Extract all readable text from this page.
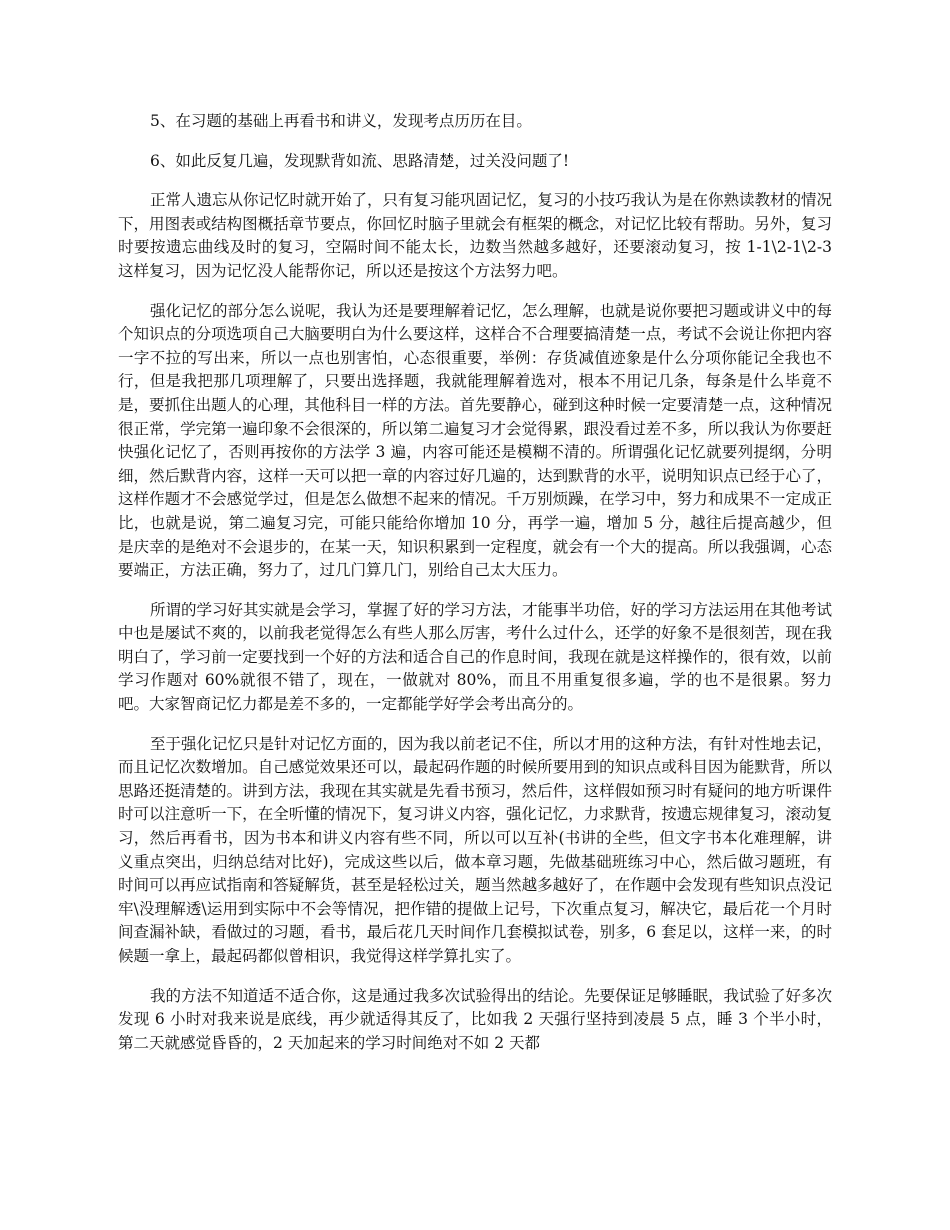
5、在习题的基础上再看书和讲义，发现考点历历在目。

6、如此反复几遍，发现默背如流、思路清楚，过关没问题了!

正常人遗忘从你记忆时就开始了，只有复习能巩固记忆，复习的小技巧我认为是在你熟读教材的情况下，用图表或结构图概括章节要点，你回忆时脑子里就会有框架的概念，对记忆比较有帮助。另外，复习时要按遗忘曲线及时的复习，空隔时间不能太长，边数当然越多越好，还要滚动复习，按 1-1\2-1\2-3 这样复习，因为记忆没人能帮你记，所以还是按这个方法努力吧。

强化记忆的部分怎么说呢，我认为还是要理解着记忆，怎么理解，也就是说你要把习题或讲义中的每个知识点的分项选项自己大脑要明白为什么要这样，这样合不合理要搞清楚一点，考试不会说让你把内容一字不拉的写出来，所以一点也别害怕，心态很重要，举例：存货减值迹象是什么分项你能记全我也不行，但是我把那几项理解了，只要出选择题，我就能理解着选对，根本不用记几条，每条是什么毕竟不是，要抓住出题人的心理，其他科目一样的方法。首先要静心，碰到这种时候一定要清楚一点，这种情况很正常，学完第一遍印象不会很深的，所以第二遍复习才会觉得累，跟没看过差不多，所以我认为你要赶快强化记忆了，否则再按你的方法学 3 遍，内容可能还是模糊不清的。所谓强化记忆就要列提纲，分明细，然后默背内容，这样一天可以把一章的内容过好几遍的，达到默背的水平，说明知识点已经于心了，这样作题才不会感觉学过，但是怎么做想不起来的情况。千万别烦躁，在学习中，努力和成果不一定成正比，也就是说，第二遍复习完，可能只能给你增加 10 分，再学一遍，增加 5 分，越往后提高越少，但是庆幸的是绝对不会退步的，在某一天，知识积累到一定程度，就会有一个大的提高。所以我强调，心态要端正，方法正确，努力了，过几门算几门，别给自己太大压力。

所谓的学习好其实就是会学习，掌握了好的学习方法，才能事半功倍，好的学习方法运用在其他考试中也是屡试不爽的，以前我老觉得怎么有些人那么厉害，考什么过什么，还学的好象不是很刻苦，现在我明白了，学习前一定要找到一个好的方法和适合自己的作息时间，我现在就是这样操作的，很有效，以前学习作题对 60%就很不错了，现在，一做就对 80%，而且不用重复很多遍，学的也不是很累。努力吧。大家智商记忆力都是差不多的，一定都能学好学会考出高分的。

至于强化记忆只是针对记忆方面的，因为我以前老记不住，所以才用的这种方法，有针对性地去记，而且记忆次数增加。自己感觉效果还可以，最起码作题的时候所要用到的知识点或科目因为能默背，所以思路还挺清楚的。讲到方法，我现在其实就是先看书预习，然后件，这样假如预习时有疑问的地方听课件时可以注意听一下，在全听懂的情况下，复习讲义内容，强化记忆，力求默背，按遗忘规律复习，滚动复习，然后再看书，因为书本和讲义内容有些不同，所以可以互补(书讲的全些，但文字书本化难理解，讲义重点突出，归纳总结对比好)，完成这些以后，做本章习题，先做基础班练习中心，然后做习题班，有时间可以再应试指南和答疑解货，甚至是轻松过关，题当然越多越好了，在作题中会发现有些知识点没记牢\没理解透\运用到实际中不会等情况，把作错的提做上记号，下次重点复习，解决它，最后花一个月时间查漏补缺，看做过的习题，看书，最后花几天时间作几套模拟试卷，别多，6 套足以，这样一来，的时候题一拿上，最起码都似曾相识，我觉得这样学算扎实了。

我的方法不知道适不适合你，这是通过我多次试验得出的结论。先要保证足够睡眠，我试验了好多次发现 6 小时对我来说是底线，再少就适得其反了，比如我 2 天强行坚持到凌晨 5 点，睡 3 个半小时，第二天就感觉昏昏的，2 天加起来的学习时间绝对不如 2 天都
